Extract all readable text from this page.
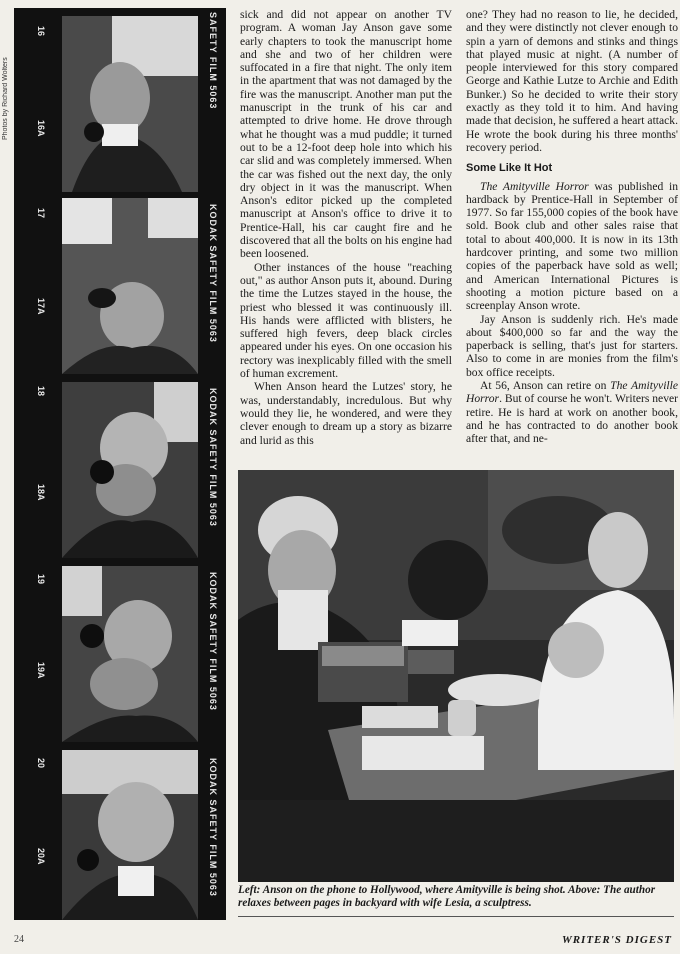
Photos by Richard Wolters
16
16A
17
17A
18
18A
19
19A
20
20A
SAFETY FILM 5063
KODAK SAFETY FILM 5063
KODAK SAFETY FILM 5063
KODAK SAFETY FILM 5063
KODAK SAFETY FILM 5063

sick and did not appear on another TV program. A woman Jay Anson gave some early chapters to took the manuscript home and she and two of her children were suffocated in a fire that night. The only item in the apartment that was not damaged by the fire was the manuscript. Another man put the manuscript in the trunk of his car and attempted to drive home. He drove through what he thought was a mud puddle; it turned out to be a 12-foot deep hole into which his car slid and was completely immersed. When the car was fished out the next day, the only dry object in it was the manuscript. When Anson's editor picked up the completed manuscript at Anson's office to drive it to Prentice-Hall, his car caught fire and he discovered that all the bolts on his engine had been loosened.

Other instances of the house "reaching out," as author Anson puts it, abound. During the time the Lutzes stayed in the house, the priest who blessed it was continuously ill. His hands were afflicted with blisters, he suffered high fevers, deep black circles appeared under his eyes. On one occasion his rectory was inexplicably filled with the smell of human excrement.

When Anson heard the Lutzes' story, he was, understandably, incredulous. But why would they lie, he wondered, and were they clever enough to dream up a story as bizarre and lurid as this

one? They had no reason to lie, he decided, and they were distinctly not clever enough to spin a yarn of demons and stinks and things that played music at night. (A number of people interviewed for this story compared George and Kathie Lutze to Archie and Edith Bunker.) So he decided to write their story exactly as they told it to him. And having made that decision, he suffered a heart attack. He wrote the book during his three months' recovery period.

Some Like It Hot

The Amityville Horror was published in hardback by Prentice-Hall in September of 1977. So far 155,000 copies of the book have sold. Book club and other sales raise that total to about 400,000. It is now in its 13th hardcover printing, and some two million copies of the paperback have sold as well; and American International Pictures is shooting a motion picture based on a screenplay Anson wrote.

Jay Anson is suddenly rich. He's made about $400,000 so far and the way the paperback is selling, that's just for starters. Also to come in are monies from the film's box office receipts.

At 56, Anson can retire on The Amityville Horror. But of course he won't. Writers never retire. He is hard at work on another book, and he has contracted to do another book after that, and ne-

Left: Anson on the phone to Hollywood, where Amityville is being shot. Above: The author relaxes between pages in backyard with wife Lesia, a sculptress.
24	WRITER'S DIGEST
